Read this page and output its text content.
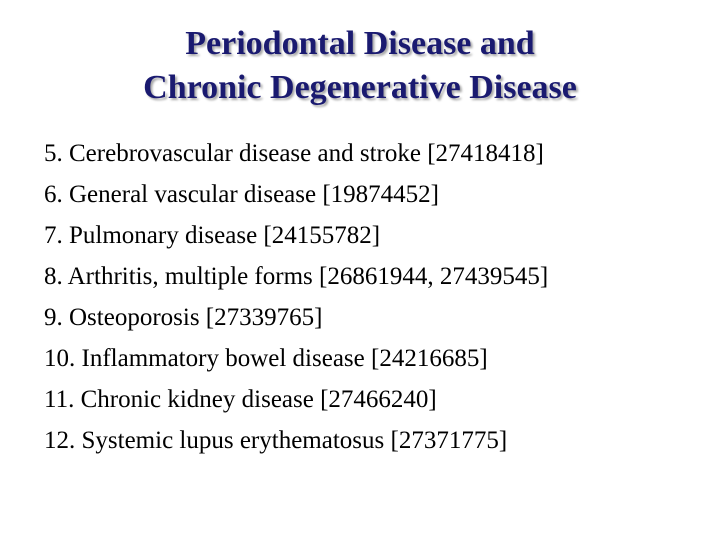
Periodontal Disease and
Chronic Degenerative Disease
5. Cerebrovascular disease and stroke [27418418]
6. General vascular disease [19874452]
7. Pulmonary disease [24155782]
8. Arthritis, multiple forms [26861944, 27439545]
9. Osteoporosis [27339765]
10. Inflammatory bowel disease [24216685]
11. Chronic kidney disease [27466240]
12. Systemic lupus erythematosus [27371775]
